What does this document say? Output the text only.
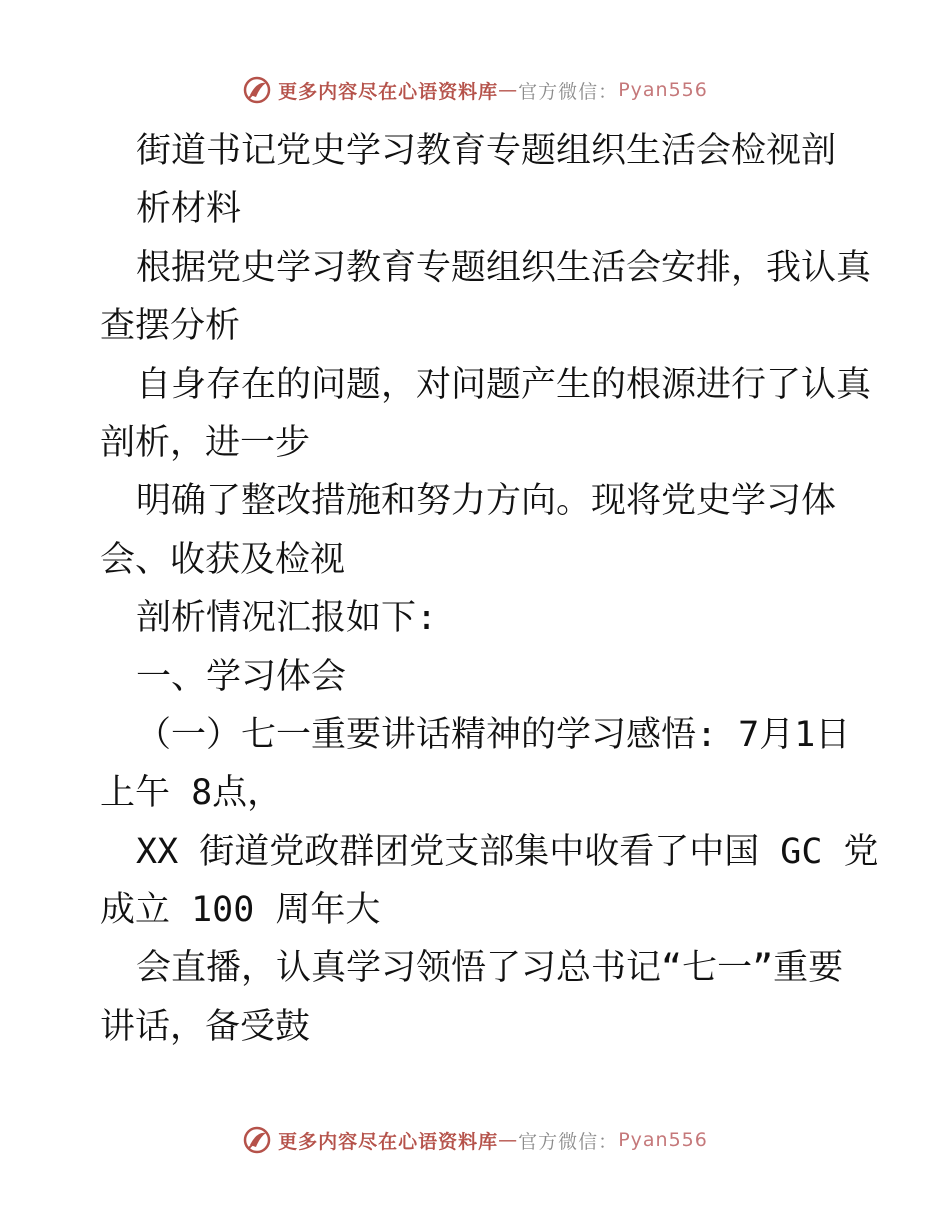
更多内容尽在心语资料库 — 官方微信： Pyan556
街道书记党史学习教育专题组织生活会检视剖
析材料
根据党史学习教育专题组织生活会安排，我认真
查摆分析
自身存在的问题，对问题产生的根源进行了认真
剖析，进一步
明确了整改措施和努力方向。现将党史学习体
会、收获及检视
剖析情况汇报如下:
一、学习体会
（一）七一重要讲话精神的学习感悟: 7月1日
上午 8点，
XX 街道党政群团党支部集中收看了中国 GC 党
成立 100 周年大
会直播，认真学习领悟了习总书记“七一”重要
讲话，备受鼓
更多内容尽在心语资料库 — 官方微信： Pyan556
